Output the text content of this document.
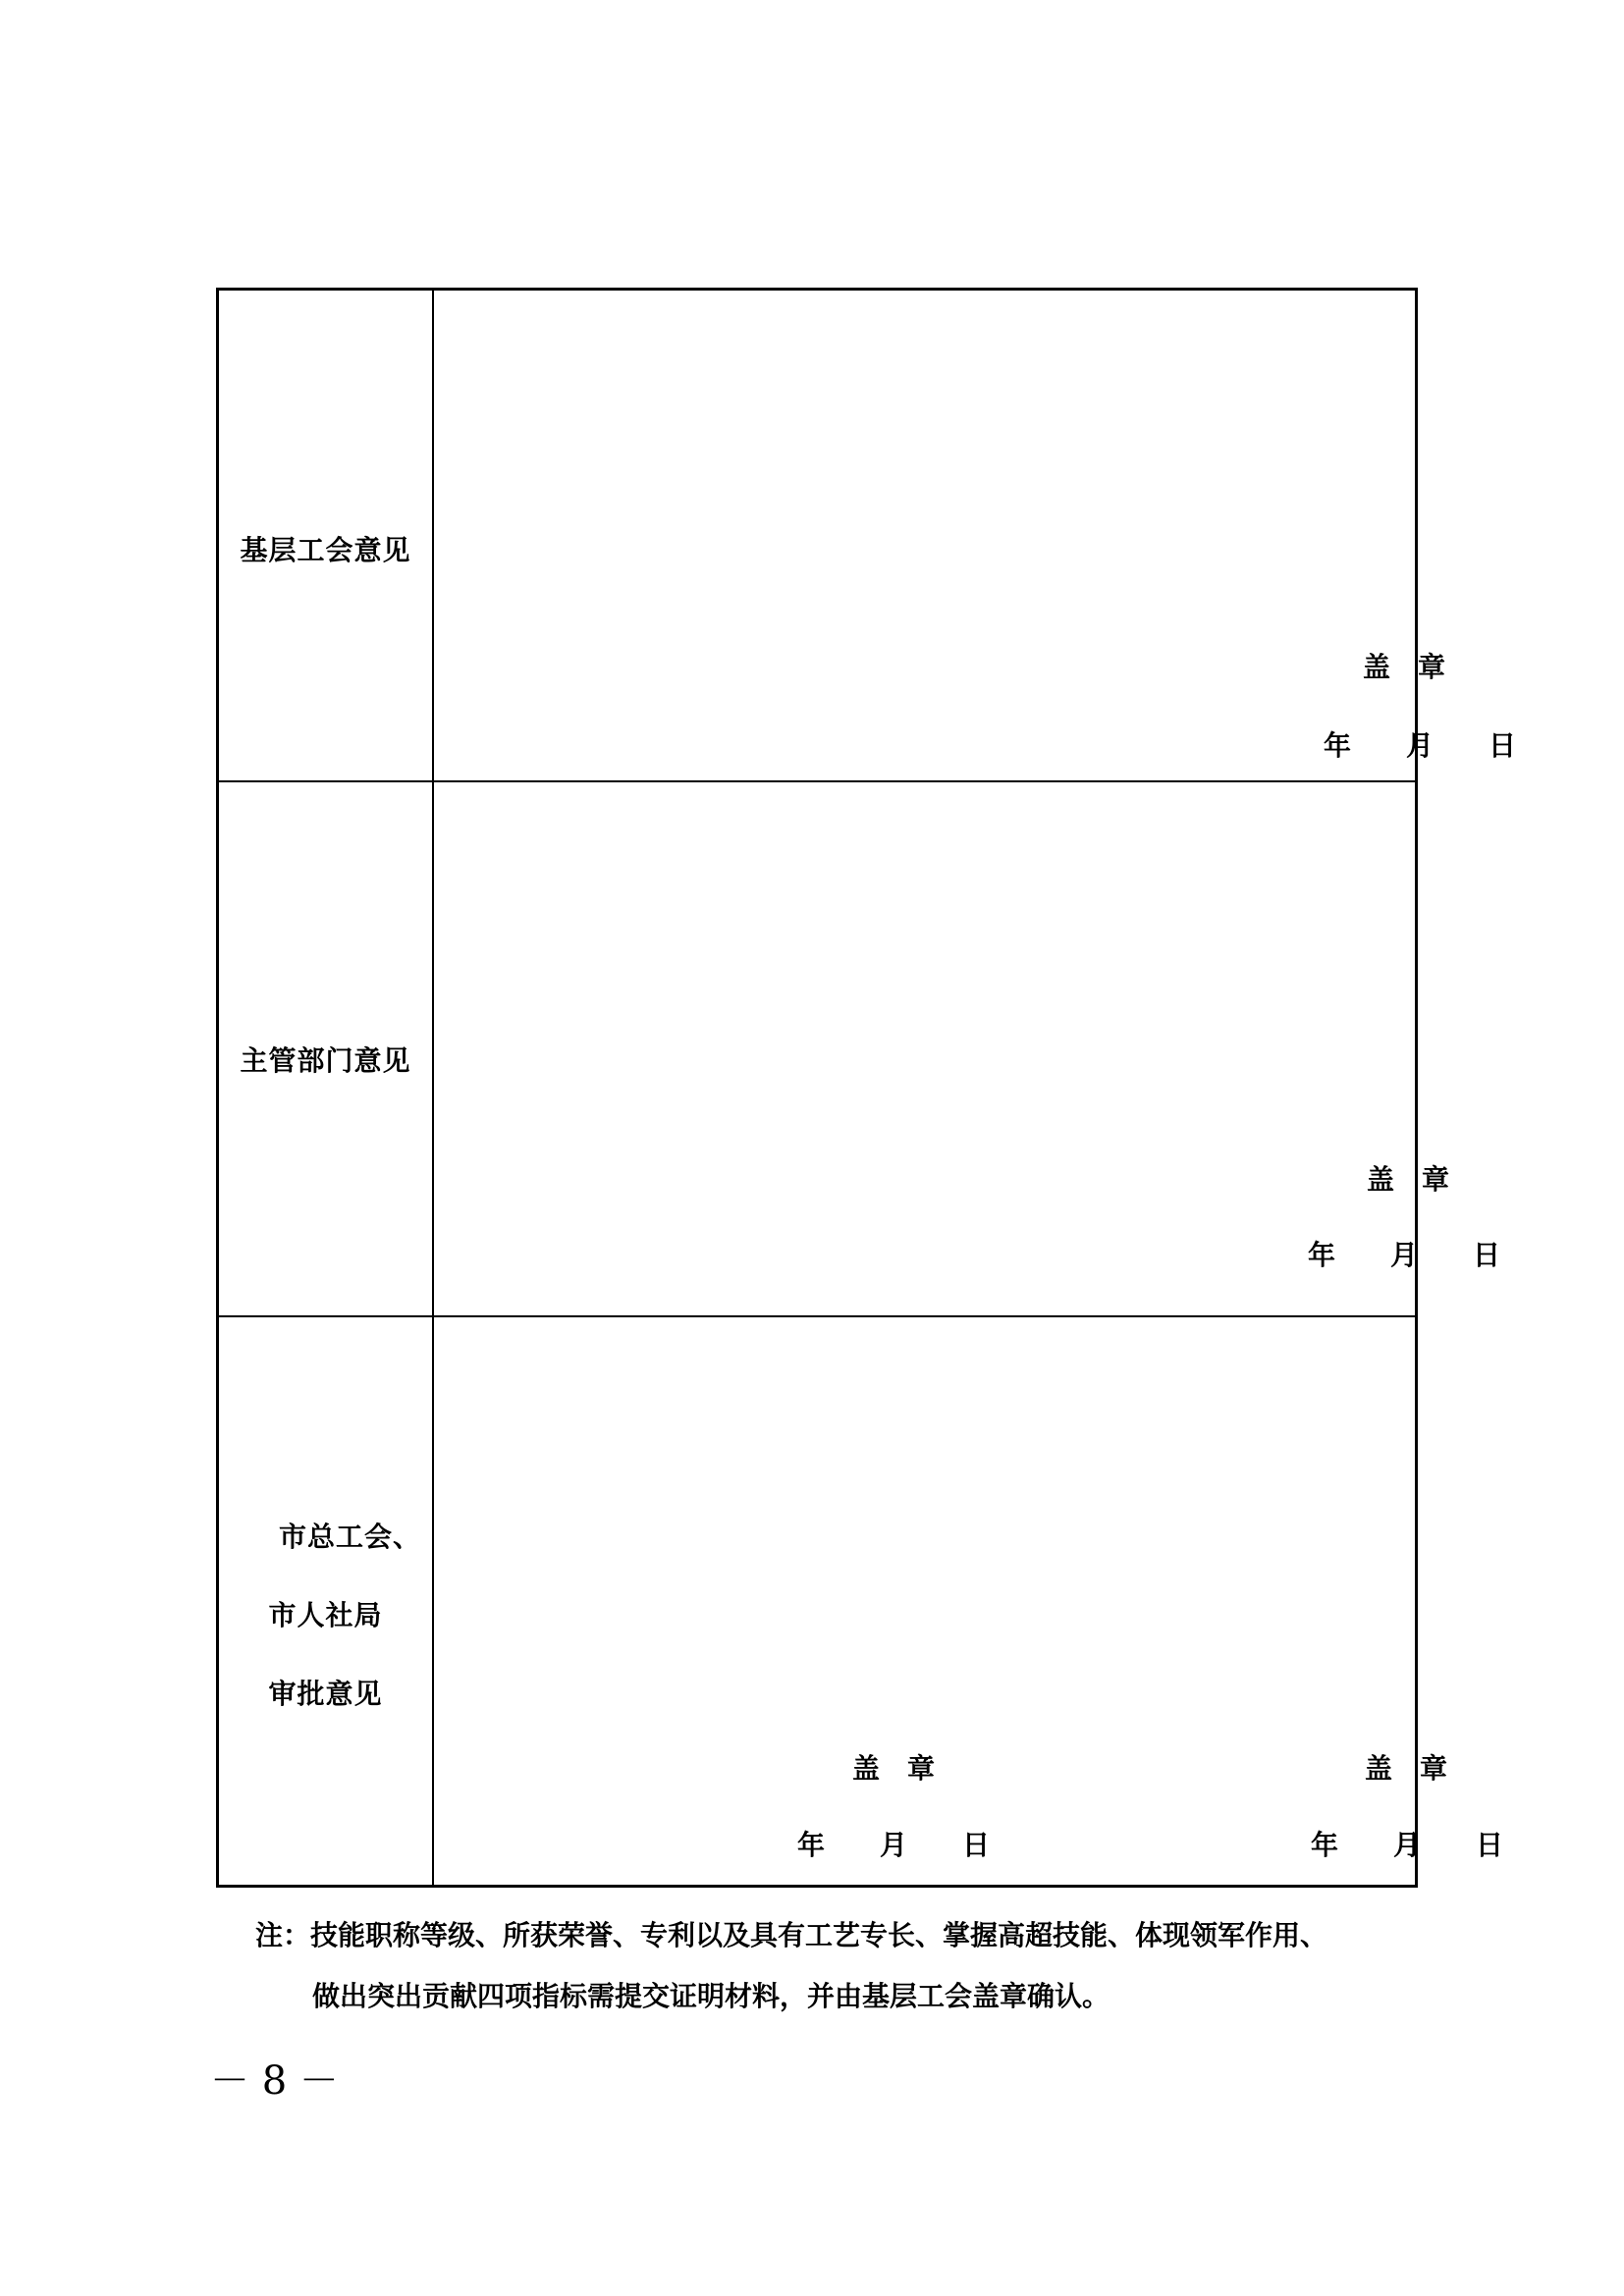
基层工会意见
盖　章
年　　月　　日
主管部门意见
盖　章
年　　月　　日
市总工会、
市人社局
审批意见
盖　章
年　　月　　日
盖　章
年　　月　　日
注：技能职称等级、所获荣誉、专利以及具有工艺专长、掌握高超技能、体现领军作用、
做出突出贡献四项指标需提交证明材料，并由基层工会盖章确认。
－ 8 －
